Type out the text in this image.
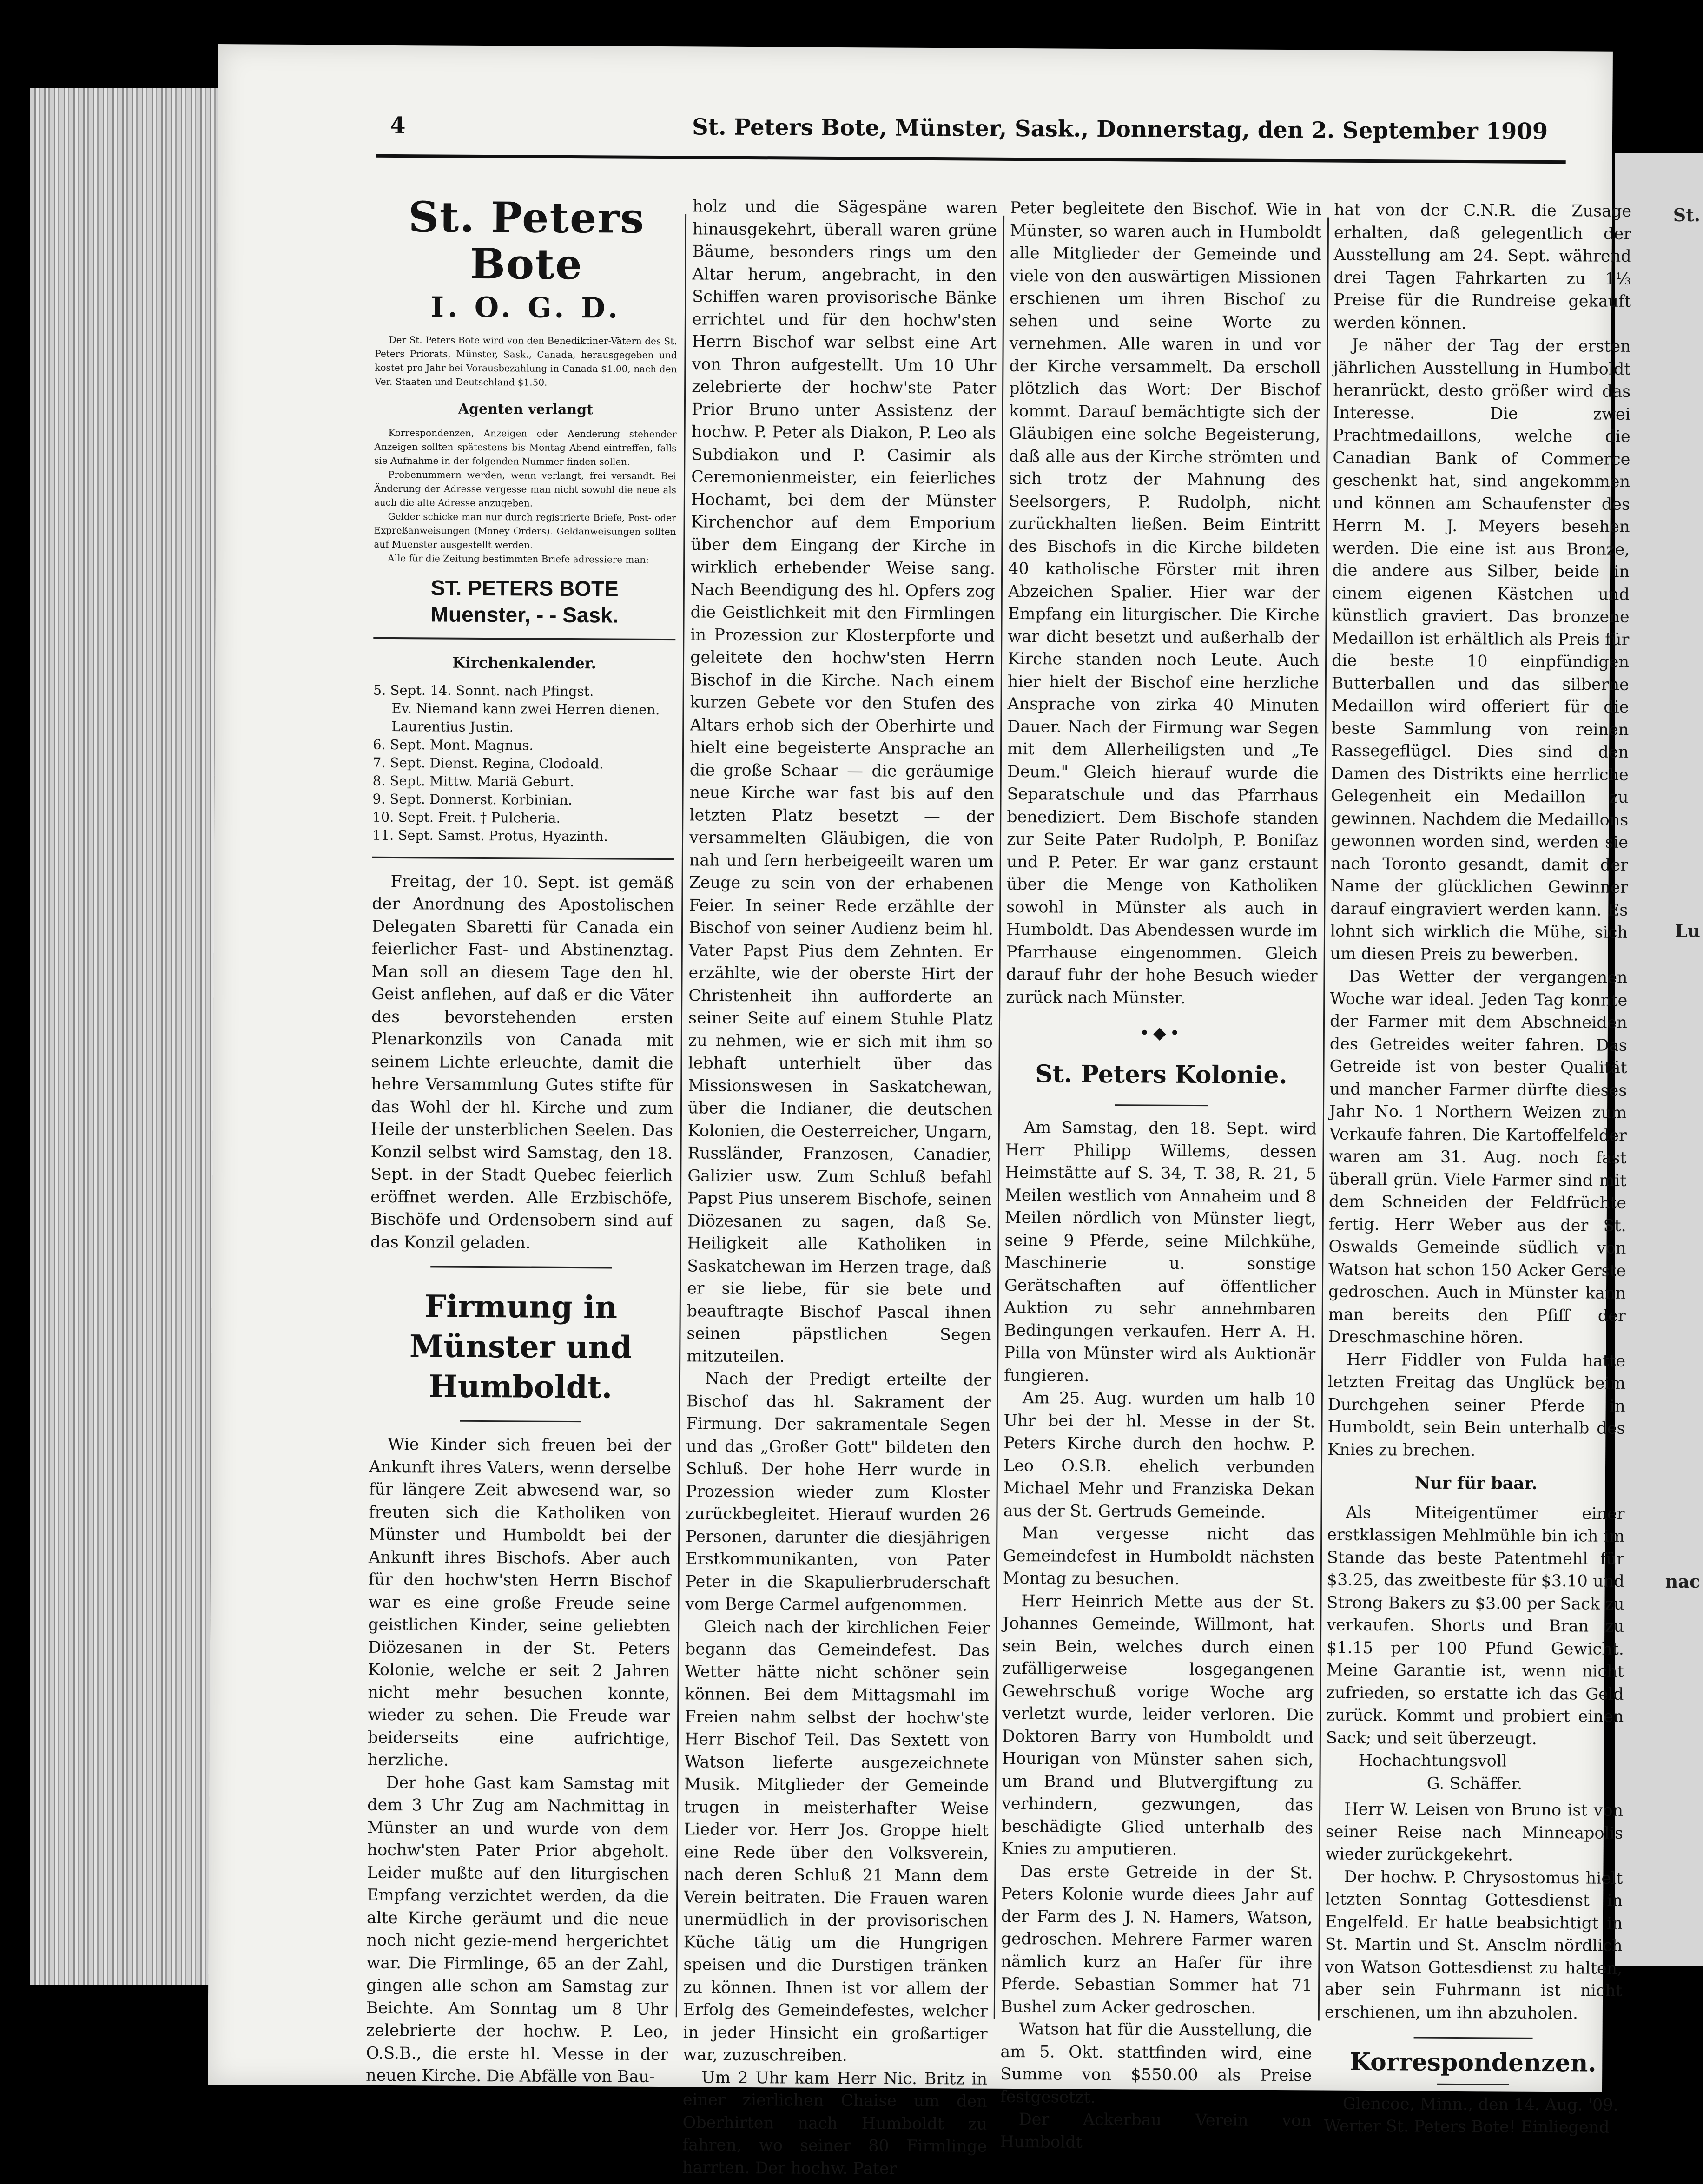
St.
Lu
nac
4	St. Peters Bote, Münster, Sask., Donnerstag, den 2. September 1909
St. Peters Bote
I. O. G. D.

Der St. Peters Bote wird von den Benediktiner-Vätern des St. Peters Priorats, Münster, Sask., Canada, herausgegeben und kostet pro Jahr bei Vorausbezahlung in Canada $1.00, nach den Ver. Staaten und Deutschland $1.50.

Agenten verlangt

Korrespondenzen, Anzeigen oder Aenderung stehender Anzeigen sollten spätestens bis Montag Abend eintreffen, falls sie Aufnahme in der folgenden Nummer finden sollen.

Probenummern werden, wenn verlangt, frei versandt. Bei Änderung der Adresse vergesse man nicht sowohl die neue als auch die alte Adresse anzugeben.

Gelder schicke man nur durch registrierte Briefe, Post- oder Expreßanweisungen (Money Orders). Geldanweisungen sollten auf Muenster ausgestellt werden.

Alle für die Zeitung bestimmten Briefe adressiere man:

ST. PETERS BOTE
Muenster, - - Sask.
Kirchenkalender.
5. Sept. 14. Sonnt. nach Pfingst.
Ev. Niemand kann zwei Herren dienen.
Laurentius Justin.
6. Sept. Mont. Magnus.
7. Sept. Dienst. Regina, Clodoald.
8. Sept. Mittw. Mariä Geburt.
9. Sept. Donnerst. Korbinian.
10. Sept. Freit. † Pulcheria.
11. Sept. Samst. Protus, Hyazinth.

Freitag, der 10. Sept. ist gemäß der Anordnung des Apostolischen Delegaten Sbaretti für Canada ein feierlicher Fast- und Abstinenztag. Man soll an diesem Tage den hl. Geist anflehen, auf daß er die Väter des bevorstehenden ersten Plenarkonzils von Canada mit seinem Lichte erleuchte, damit die hehre Versammlung Gutes stifte für das Wohl der hl. Kirche und zum Heile der unsterblichen Seelen. Das Konzil selbst wird Samstag, den 18. Sept. in der Stadt Quebec feierlich eröffnet werden. Alle Erzbischöfe, Bischöfe und Ordensobern sind auf das Konzil geladen.

Firmung in Münster und Humboldt.

Wie Kinder sich freuen bei der Ankunft ihres Vaters, wenn derselbe für längere Zeit abwesend war, so freuten sich die Katholiken von Münster und Humboldt bei der Ankunft ihres Bischofs. Aber auch für den hochw'sten Herrn Bischof war es eine große Freude seine geistlichen Kinder, seine geliebten Diözesanen in der St. Peters Kolonie, welche er seit 2 Jahren nicht mehr besuchen konnte, wieder zu sehen. Die Freude war beiderseits eine aufrichtige, herzliche.

Der hohe Gast kam Samstag mit dem 3 Uhr Zug am Nachmittag in Münster an und wurde von dem hochw'sten Pater Prior abgeholt. Leider mußte auf den liturgischen Empfang verzichtet werden, da die alte Kirche geräumt und die neue noch nicht gezie-mend hergerichtet war. Die Firmlinge, 65 an der Zahl, gingen alle schon am Samstag zur Beichte. Am Sonntag um 8 Uhr zelebrierte der hochw. P. Leo, O.S.B., die erste hl. Messe in der neuen Kirche. Die Abfälle von Bau-

holz und die Sägespäne waren hinausgekehrt, überall waren grüne Bäume, besonders rings um den Altar herum, angebracht, in den Schiffen waren provisorische Bänke errichtet und für den hochw'sten Herrn Bischof war selbst eine Art von Thron aufgestellt. Um 10 Uhr zelebrierte der hochw'ste Pater Prior Bruno unter Assistenz der hochw. P. Peter als Diakon, P. Leo als Subdiakon und P. Casimir als Ceremonienmeister, ein feierliches Hochamt, bei dem der Münster Kirchenchor auf dem Emporium über dem Eingang der Kirche in wirklich erhebender Weise sang. Nach Beendigung des hl. Opfers zog die Geistlichkeit mit den Firmlingen in Prozession zur Klosterpforte und geleitete den hochw'sten Herrn Bischof in die Kirche. Nach einem kurzen Gebete vor den Stufen des Altars erhob sich der Oberhirte und hielt eine begeisterte Ansprache an die große Schaar — die geräumige neue Kirche war fast bis auf den letzten Platz besetzt — der versammelten Gläubigen, die von nah und fern herbeigeeilt waren um Zeuge zu sein von der erhabenen Feier. In seiner Rede erzählte der Bischof von seiner Audienz beim hl. Vater Papst Pius dem Zehnten. Er erzählte, wie der oberste Hirt der Christenheit ihn aufforderte an seiner Seite auf einem Stuhle Platz zu nehmen, wie er sich mit ihm so lebhaft unterhielt über das Missionswesen in Saskatchewan, über die Indianer, die deutschen Kolonien, die Oesterreicher, Ungarn, Russländer, Franzosen, Canadier, Galizier usw. Zum Schluß befahl Papst Pius unserem Bischofe, seinen Diözesanen zu sagen, daß Se. Heiligkeit alle Katholiken in Saskatchewan im Herzen trage, daß er sie liebe, für sie bete und beauftragte Bischof Pascal ihnen seinen päpstlichen Segen mitzuteilen.

Nach der Predigt erteilte der Bischof das hl. Sakrament der Firmung. Der sakramentale Segen und das „Großer Gott" bildeten den Schluß. Der hohe Herr wurde in Prozession wieder zum Kloster zurückbegleitet. Hierauf wurden 26 Personen, darunter die diesjährigen Erstkommunikanten, von Pater Peter in die Skapulierbruderschaft vom Berge Carmel aufgenommen.

Gleich nach der kirchlichen Feier begann das Gemeindefest. Das Wetter hätte nicht schöner sein können. Bei dem Mittagsmahl im Freien nahm selbst der hochw'ste Herr Bischof Teil. Das Sextett von Watson lieferte ausgezeichnete Musik. Mitglieder der Gemeinde trugen in meisterhafter Weise Lieder vor. Herr Jos. Groppe hielt eine Rede über den Volksverein, nach deren Schluß 21 Mann dem Verein beitraten. Die Frauen waren unermüdlich in der provisorischen Küche tätig um die Hungrigen speisen und die Durstigen tränken zu können. Ihnen ist vor allem der Erfolg des Gemeindefestes, welcher in jeder Hinsicht ein großartiger war, zuzuschreiben.

Um 2 Uhr kam Herr Nic. Britz in einer zierlichen Chaise um den Oberhirten nach Humboldt zu fahren, wo seiner 80 Firmlinge harrten. Der hochw. Pater

Peter begleitete den Bischof. Wie in Münster, so waren auch in Humboldt alle Mitglieder der Gemeinde und viele von den auswärtigen Missionen erschienen um ihren Bischof zu sehen und seine Worte zu vernehmen. Alle waren in und vor der Kirche versammelt. Da erscholl plötzlich das Wort: Der Bischof kommt. Darauf bemächtigte sich der Gläubigen eine solche Begeisterung, daß alle aus der Kirche strömten und sich trotz der Mahnung des Seelsorgers, P. Rudolph, nicht zurückhalten ließen. Beim Eintritt des Bischofs in die Kirche bildeten 40 katholische Förster mit ihren Abzeichen Spalier. Hier war der Empfang ein liturgischer. Die Kirche war dicht besetzt und außerhalb der Kirche standen noch Leute. Auch hier hielt der Bischof eine herzliche Ansprache von zirka 40 Minuten Dauer. Nach der Firmung war Segen mit dem Allerheiligsten und „Te Deum." Gleich hierauf wurde die Separatschule und das Pfarrhaus benediziert. Dem Bischofe standen zur Seite Pater Rudolph, P. Bonifaz und P. Peter. Er war ganz erstaunt über die Menge von Katholiken sowohl in Münster als auch in Humboldt. Das Abendessen wurde im Pfarrhause eingenommen. Gleich darauf fuhr der hohe Besuch wieder zurück nach Münster.

•◆•
St. Peters Kolonie.

Am Samstag, den 18. Sept. wird Herr Philipp Willems, dessen Heimstätte auf S. 34, T. 38, R. 21, 5 Meilen westlich von Annaheim und 8 Meilen nördlich von Münster liegt, seine 9 Pferde, seine Milchkühe, Maschinerie u. sonstige Gerätschaften auf öffentlicher Auktion zu sehr annehmbaren Bedingungen verkaufen. Herr A. H. Pilla von Münster wird als Auktionär fungieren.

Am 25. Aug. wurden um halb 10 Uhr bei der hl. Messe in der St. Peters Kirche durch den hochw. P. Leo O.S.B. ehelich verbunden Michael Mehr und Franziska Dekan aus der St. Gertruds Gemeinde.

Man vergesse nicht das Gemeindefest in Humboldt nächsten Montag zu besuchen.

Herr Heinrich Mette aus der St. Johannes Gemeinde, Willmont, hat sein Bein, welches durch einen zufälligerweise losgegangenen Gewehrschuß vorige Woche arg verletzt wurde, leider verloren. Die Doktoren Barry von Humboldt und Hourigan von Münster sahen sich, um Brand und Blutvergiftung zu verhindern, gezwungen, das beschädigte Glied unterhalb des Knies zu amputieren.

Das erste Getreide in der St. Peters Kolonie wurde diees Jahr auf der Farm des J. N. Hamers, Watson, gedroschen. Mehrere Farmer waren nämlich kurz an Hafer für ihre Pferde. Sebastian Sommer hat 71 Bushel zum Acker gedroschen.

Watson hat für die Ausstellung, die am 5. Okt. stattfinden wird, eine Summe von $550.00 als Preise festgesetzt.

Der Ackerbau Verein von Humboldt

hat von der C.N.R. die Zusage erhalten, daß gelegentlich der Ausstellung am 24. Sept. während drei Tagen Fahrkarten zu 1⅓ Preise für die Rundreise gekauft werden können.

Je näher der Tag der ersten jährlichen Ausstellung in Humboldt heranrückt, desto größer wird das Interesse. Die zwei Prachtmedaillons, welche die Canadian Bank of Commerce geschenkt hat, sind angekommen und können am Schaufenster des Herrn M. J. Meyers besehen werden. Die eine ist aus Bronze, die andere aus Silber, beide in einem eigenen Kästchen und künstlich graviert. Das bronzene Medaillon ist erhältlich als Preis für die beste 10 einpfündigen Butterballen und das silberne Medaillon wird offeriert für die beste Sammlung von reinen Rassegeflügel. Dies sind den Damen des Distrikts eine herrliche Gelegenheit ein Medaillon zu gewinnen. Nachdem die Medaillons gewonnen worden sind, werden sie nach Toronto gesandt, damit der Name der glücklichen Gewinner darauf eingraviert werden kann. Es lohnt sich wirklich die Mühe, sich um diesen Preis zu bewerben.

Das Wetter der vergangenen Woche war ideal. Jeden Tag konnte der Farmer mit dem Abschneiden des Getreides weiter fahren. Das Getreide ist von bester Qualität und mancher Farmer dürfte dieses Jahr No. 1 Northern Weizen zum Verkaufe fahren. Die Kartoffelfelder waren am 31. Aug. noch fast überall grün. Viele Farmer sind mit dem Schneiden der Feldfrüchte fertig. Herr Weber aus der St. Oswalds Gemeinde südlich von Watson hat schon 150 Acker Gerste gedroschen. Auch in Münster kann man bereits den Pfiff der Dreschmaschine hören.

Herr Fiddler von Fulda hatte letzten Freitag das Unglück beim Durchgehen seiner Pferde in Humboldt, sein Bein unterhalb des Knies zu brechen.

Nur für baar.

Als Miteigentümer einer erstklassigen Mehlmühle bin ich im Stande das beste Patentmehl für $3.25, das zweitbeste für $3.10 und Strong Bakers zu $3.00 per Sack zu verkaufen. Shorts und Bran zu $1.15 per 100 Pfund Gewicht. Meine Garantie ist, wenn nicht zufrieden, so erstatte ich das Geld zurück. Kommt und probiert einen Sack; und seit überzeugt.

Hochachtungsvoll
G. Schäffer.

Herr W. Leisen von Bruno ist von seiner Reise nach Minneapolis wieder zurückgekehrt.

Der hochw. P. Chrysostomus hielt letzten Sonntag Gottesdienst in Engelfeld. Er hatte beabsichtigt in St. Martin und St. Anselm nördlich von Watson Gottesdienst zu halten, aber sein Fuhrmann ist nicht erschienen, um ihn abzuholen.

Korrespondenzen.

Glencoe, Minn., den 14. Aug. '09.

Werter St. Peters Bote! Einliegend
